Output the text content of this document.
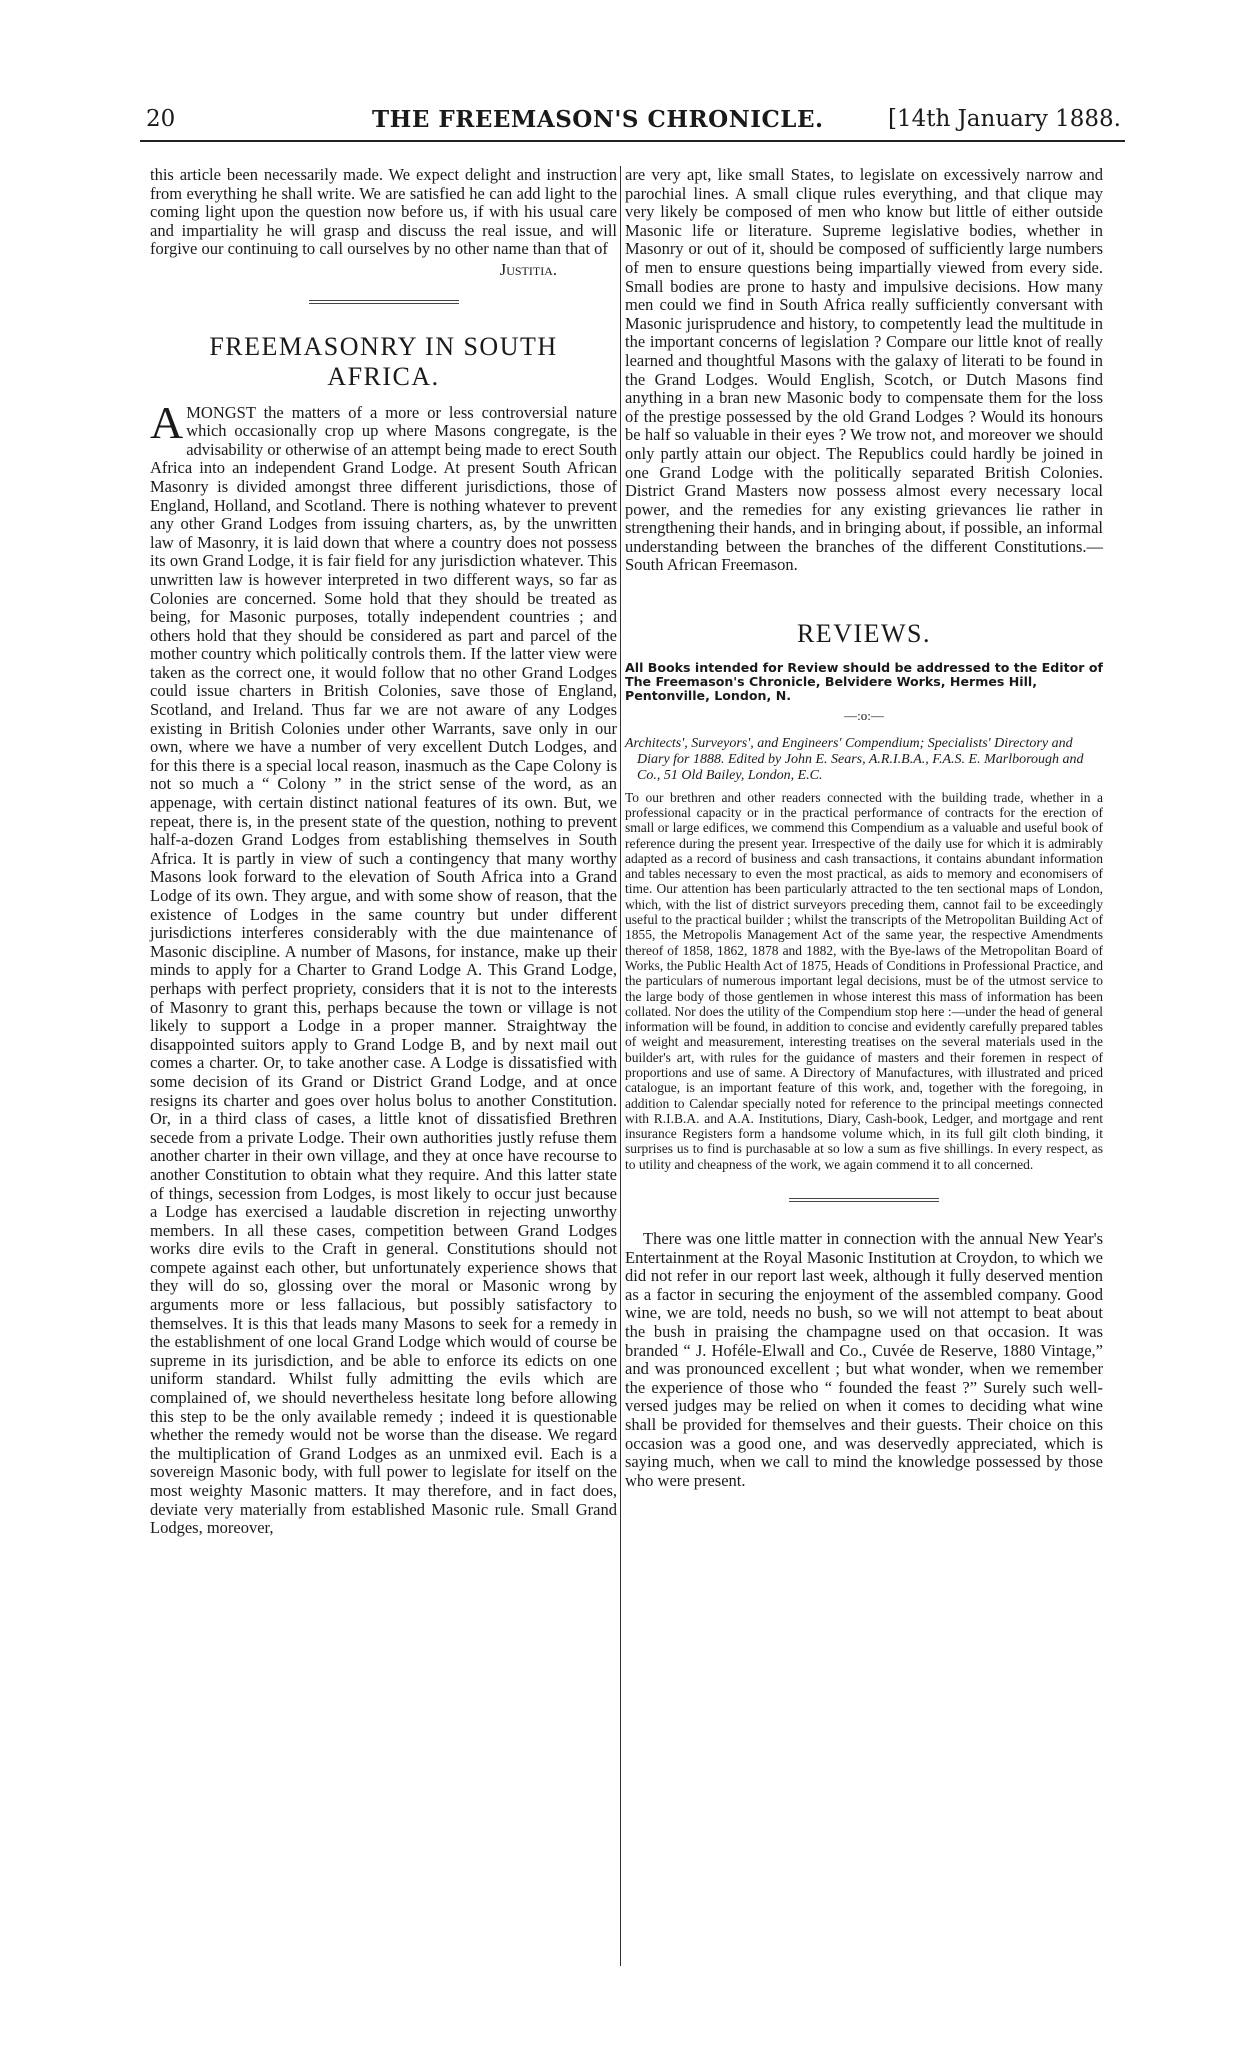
20	THE FREEMASON'S CHRONICLE.	[14th January 1888.

this article been necessarily made. We expect delight and instruction from everything he shall write. We are satisfied he can add light to the coming light upon the question now before us, if with his usual care and impartiality he will grasp and discuss the real issue, and will forgive our continuing to call ourselves by no other name than that of

Justitia.

FREEMASONRY IN SOUTH AFRICA.

AMONGST the matters of a more or less controversial nature which occasionally crop up where Masons congregate, is the advisability or otherwise of an attempt being made to erect South Africa into an independent Grand Lodge. At present South African Masonry is divided amongst three different jurisdictions, those of England, Holland, and Scotland. There is nothing whatever to prevent any other Grand Lodges from issuing charters, as, by the unwritten law of Masonry, it is laid down that where a country does not possess its own Grand Lodge, it is fair field for any jurisdiction whatever. This unwritten law is however interpreted in two different ways, so far as Colonies are concerned. Some hold that they should be treated as being, for Masonic purposes, totally independent countries ; and others hold that they should be considered as part and parcel of the mother country which politically controls them. If the latter view were taken as the correct one, it would follow that no other Grand Lodges could issue charters in British Colonies, save those of England, Scotland, and Ireland. Thus far we are not aware of any Lodges existing in British Colonies under other Warrants, save only in our own, where we have a number of very excellent Dutch Lodges, and for this there is a special local reason, inasmuch as the Cape Colony is not so much a “ Colony ” in the strict sense of the word, as an appenage, with certain distinct national features of its own. But, we repeat, there is, in the present state of the question, nothing to prevent half-a-dozen Grand Lodges from establishing themselves in South Africa. It is partly in view of such a contingency that many worthy Masons look forward to the elevation of South Africa into a Grand Lodge of its own. They argue, and with some show of reason, that the existence of Lodges in the same country but under different jurisdictions interferes considerably with the due maintenance of Masonic discipline. A number of Masons, for instance, make up their minds to apply for a Charter to Grand Lodge A. This Grand Lodge, perhaps with perfect propriety, considers that it is not to the interests of Masonry to grant this, perhaps because the town or village is not likely to support a Lodge in a proper manner. Straightway the disappointed suitors apply to Grand Lodge B, and by next mail out comes a charter. Or, to take another case. A Lodge is dissatisfied with some decision of its Grand or District Grand Lodge, and at once resigns its charter and goes over holus bolus to another Constitution. Or, in a third class of cases, a little knot of dissatisfied Brethren secede from a private Lodge. Their own authorities justly refuse them another charter in their own village, and they at once have recourse to another Constitution to obtain what they require. And this latter state of things, secession from Lodges, is most likely to occur just because a Lodge has exercised a laudable discretion in rejecting unworthy members. In all these cases, competition between Grand Lodges works dire evils to the Craft in general. Constitutions should not compete against each other, but unfortunately experience shows that they will do so, glossing over the moral or Masonic wrong by arguments more or less fallacious, but possibly satisfactory to themselves. It is this that leads many Masons to seek for a remedy in the establishment of one local Grand Lodge which would of course be supreme in its jurisdiction, and be able to enforce its edicts on one uniform standard. Whilst fully admitting the evils which are complained of, we should nevertheless hesitate long before allowing this step to be the only available remedy ; indeed it is questionable whether the remedy would not be worse than the disease. We regard the multiplication of Grand Lodges as an unmixed evil. Each is a sovereign Masonic body, with full power to legislate for itself on the most weighty Masonic matters. It may therefore, and in fact does, deviate very materially from established Masonic rule. Small Grand Lodges, moreover,

are very apt, like small States, to legislate on excessively narrow and parochial lines. A small clique rules everything, and that clique may very likely be composed of men who know but little of either outside Masonic life or literature. Supreme legislative bodies, whether in Masonry or out of it, should be composed of sufficiently large numbers of men to ensure questions being impartially viewed from every side. Small bodies are prone to hasty and impulsive decisions. How many men could we find in South Africa really sufficiently conversant with Masonic jurisprudence and history, to competently lead the multitude in the important concerns of legislation ? Compare our little knot of really learned and thoughtful Masons with the galaxy of literati to be found in the Grand Lodges. Would English, Scotch, or Dutch Masons find anything in a bran new Masonic body to compensate them for the loss of the prestige possessed by the old Grand Lodges ? Would its honours be half so valuable in their eyes ? We trow not, and moreover we should only partly attain our object. The Republics could hardly be joined in one Grand Lodge with the politically separated British Colonies. District Grand Masters now possess almost every necessary local power, and the remedies for any existing grievances lie rather in strengthening their hands, and in bringing about, if possible, an informal understanding between the branches of the different Constitutions.—South African Freemason.

REVIEWS.

All Books intended for Review should be addressed to the Editor of The Freemason's Chronicle, Belvidere Works, Hermes Hill, Pentonville, London, N.

—:o:—

Architects', Surveyors', and Engineers' Compendium; Specialists' Directory and Diary for 1888. Edited by John E. Sears, A.R.I.B.A., F.A.S. E. Marlborough and Co., 51 Old Bailey, London, E.C.

To our brethren and other readers connected with the building trade, whether in a professional capacity or in the practical performance of contracts for the erection of small or large edifices, we commend this Compendium as a valuable and useful book of reference during the present year. Irrespective of the daily use for which it is admirably adapted as a record of business and cash transactions, it contains abundant information and tables necessary to even the most practical, as aids to memory and economisers of time. Our attention has been particularly attracted to the ten sectional maps of London, which, with the list of district surveyors preceding them, cannot fail to be exceedingly useful to the practical builder ; whilst the transcripts of the Metropolitan Building Act of 1855, the Metropolis Management Act of the same year, the respective Amendments thereof of 1858, 1862, 1878 and 1882, with the Bye-laws of the Metropolitan Board of Works, the Public Health Act of 1875, Heads of Conditions in Professional Practice, and the particulars of numerous important legal decisions, must be of the utmost service to the large body of those gentlemen in whose interest this mass of information has been collated. Nor does the utility of the Compendium stop here :—under the head of general information will be found, in addition to concise and evidently carefully prepared tables of weight and measurement, interesting treatises on the several materials used in the builder's art, with rules for the guidance of masters and their foremen in respect of proportions and use of same. A Directory of Manufactures, with illustrated and priced catalogue, is an important feature of this work, and, together with the foregoing, in addition to Calendar specially noted for reference to the principal meetings connected with R.I.B.A. and A.A. Institutions, Diary, Cash-book, Ledger, and mortgage and rent insurance Registers form a handsome volume which, in its full gilt cloth binding, it surprises us to find is purchasable at so low a sum as five shillings. In every respect, as to utility and cheapness of the work, we again commend it to all concerned.

There was one little matter in connection with the annual New Year's Entertainment at the Royal Masonic Institution at Croydon, to which we did not refer in our report last week, although it fully deserved mention as a factor in securing the enjoyment of the assembled company. Good wine, we are told, needs no bush, so we will not attempt to beat about the bush in praising the champagne used on that occasion. It was branded “ J. Hoféle-Elwall and Co., Cuvée de Reserve, 1880 Vintage,” and was pronounced excellent ; but what wonder, when we remember the experience of those who “ founded the feast ?” Surely such well-versed judges may be relied on when it comes to deciding what wine shall be provided for themselves and their guests. Their choice on this occasion was a good one, and was deservedly appreciated, which is saying much, when we call to mind the knowledge possessed by those who were present.
